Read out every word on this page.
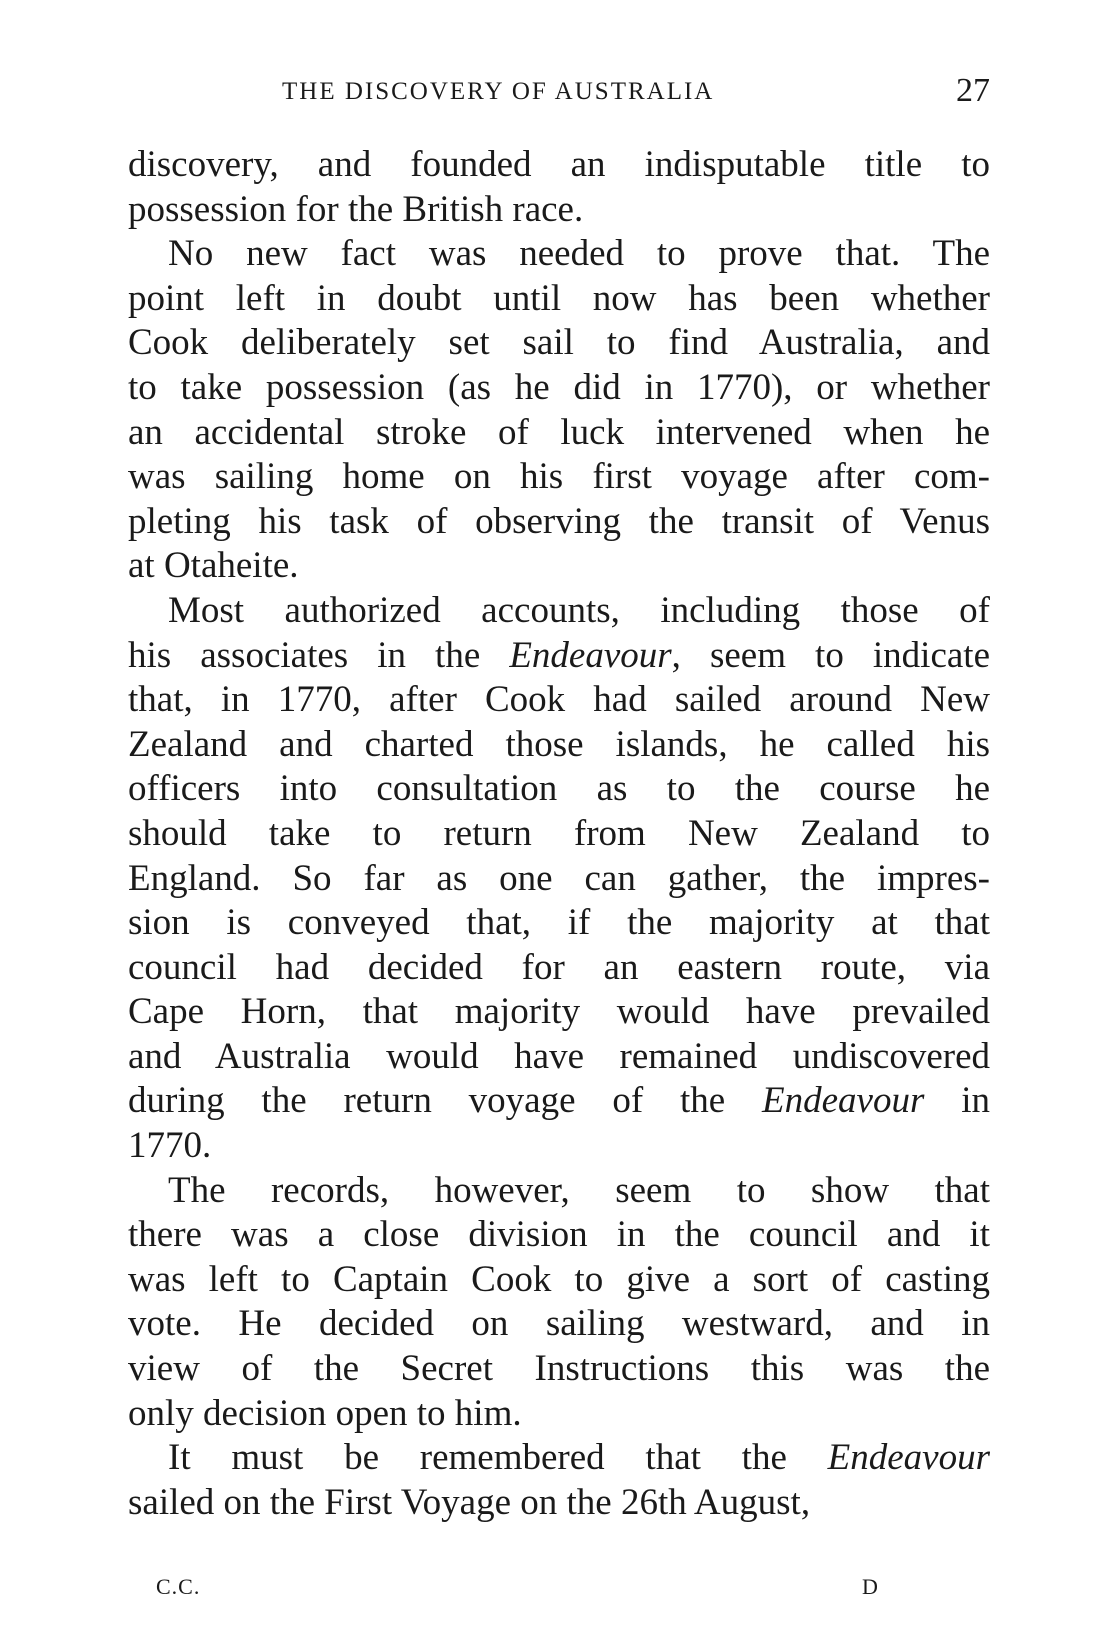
THE DISCOVERY OF AUSTRALIA	27
discovery, and founded an indisputable title to
possession for the British race.
No new fact was needed to prove that. The
point left in doubt until now has been whether
Cook deliberately set sail to find Australia, and
to take possession (as he did in 1770), or whether
an accidental stroke of luck intervened when he
was sailing home on his first voyage after com-
pleting his task of observing the transit of Venus
at Otaheite.
Most authorized accounts, including those of
his associates in the Endeavour, seem to indicate
that, in 1770, after Cook had sailed around New
Zealand and charted those islands, he called his
officers into consultation as to the course he
should take to return from New Zealand to
England. So far as one can gather, the impres-
sion is conveyed that, if the majority at that
council had decided for an eastern route, via
Cape Horn, that majority would have prevailed
and Australia would have remained undiscovered
during the return voyage of the Endeavour in
1770.
The records, however, seem to show that
there was a close division in the council and it
was left to Captain Cook to give a sort of casting
vote. He decided on sailing westward, and in
view of the Secret Instructions this was the
only decision open to him.
It must be remembered that the Endeavour
sailed on the First Voyage on the 26th August,
C.C.	D
